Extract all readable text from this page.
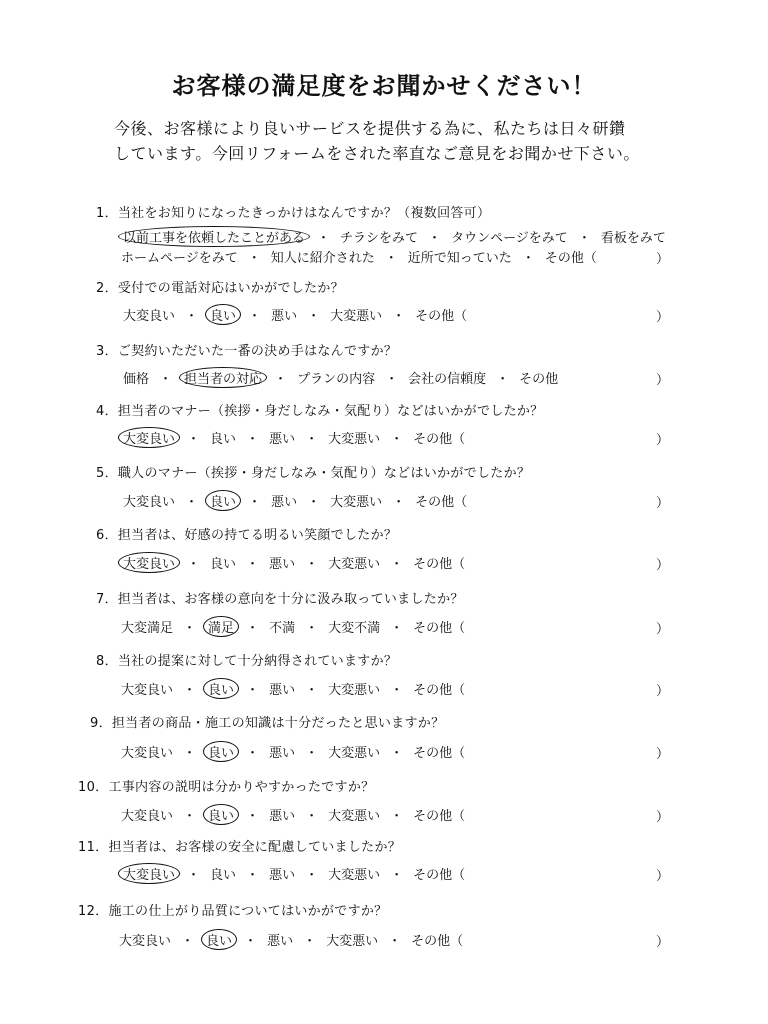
お客様の満足度をお聞かせください！
今後、お客様により良いサービスを提供する為に、私たちは日々研鑽
しています。今回リフォームをされた率直なご意見をお聞かせ下さい。
1．当社をお知りになったきっかけはなんですか？（複数回答可）
以前工事を依頼したことがある ・ チラシをみて ・ タウンページをみて ・ 看板をみて
ホームページをみて ・ 知人に紹介された ・ 近所で知っていた ・ その他（	）
2．受付での電話対応はいかがでしたか？
大変良い ・ 良い ・ 悪い ・ 大変悪い ・ その他（	）
3．ご契約いただいた一番の決め手はなんですか？
価格 ・ 担当者の対応 ・ プランの内容 ・ 会社の信頼度 ・ その他	）
4．担当者のマナー（挨拶・身だしなみ・気配り）などはいかがでしたか？
大変良い ・ 良い ・ 悪い ・ 大変悪い ・ その他（	）
5．職人のマナー（挨拶・身だしなみ・気配り）などはいかがでしたか？
大変良い ・ 良い ・ 悪い ・ 大変悪い ・ その他（	）
6．担当者は、好感の持てる明るい笑顔でしたか？
大変良い ・ 良い ・ 悪い ・ 大変悪い ・ その他（	）
7．担当者は、お客様の意向を十分に汲み取っていましたか？
大変満足 ・ 満足 ・ 不満 ・ 大変不満 ・ その他（	）
8．当社の提案に対して十分納得されていますか？
大変良い ・ 良い ・ 悪い ・ 大変悪い ・ その他（	）
9．担当者の商品・施工の知識は十分だったと思いますか？
大変良い ・ 良い ・ 悪い ・ 大変悪い ・ その他（	）
10．工事内容の説明は分かりやすかったですか？
大変良い ・ 良い ・ 悪い ・ 大変悪い ・ その他（	）
11．担当者は、お客様の安全に配慮していましたか？
大変良い ・ 良い ・ 悪い ・ 大変悪い ・ その他（	）
12．施工の仕上がり品質についてはいかがですか？
大変良い ・ 良い ・ 悪い ・ 大変悪い ・ その他（	）
